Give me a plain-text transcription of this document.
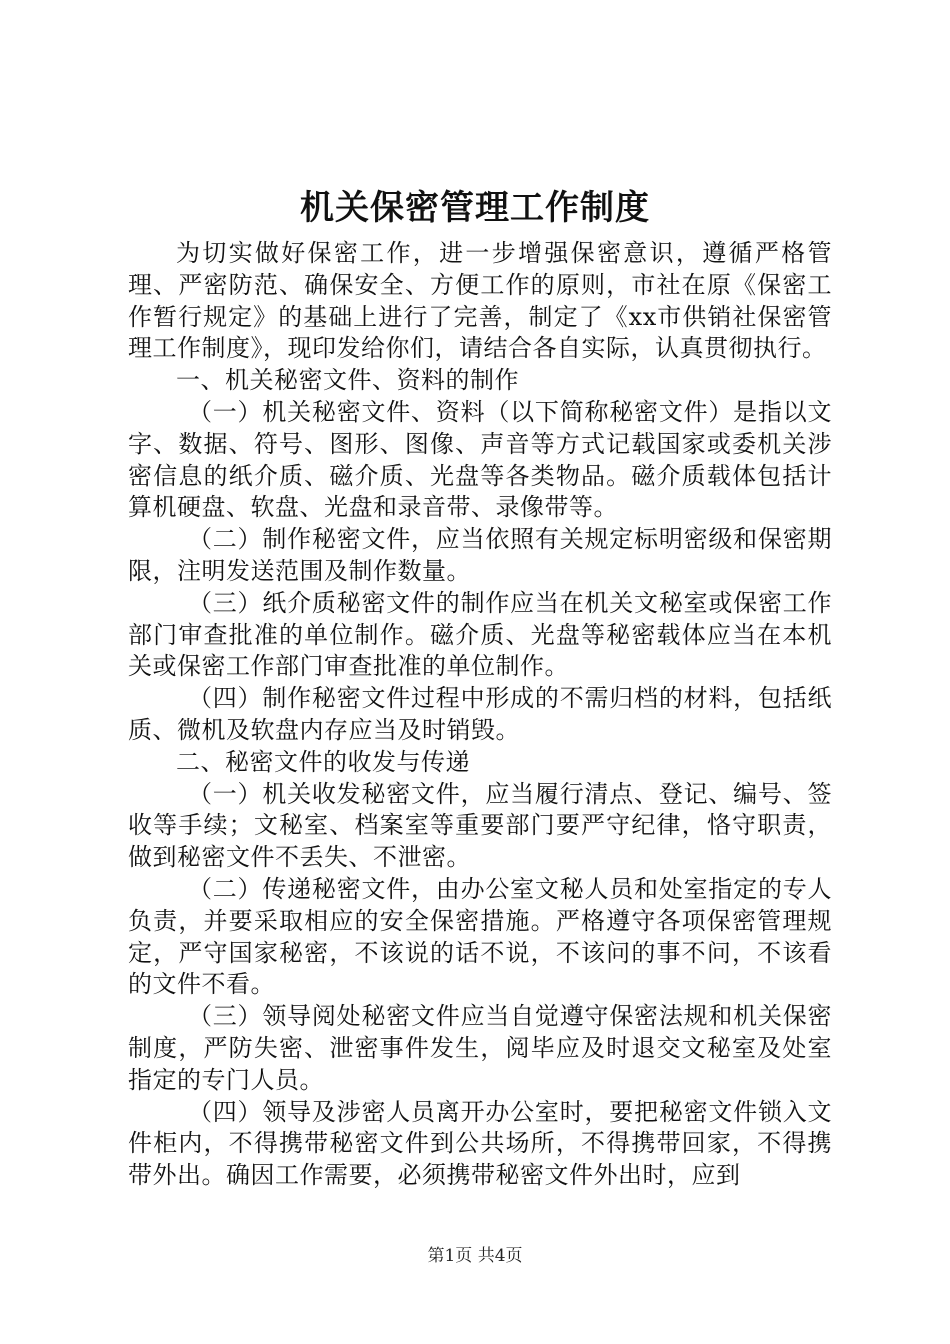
机关保密管理工作制度

为切实做好保密工作，进一步增强保密意识，遵循严格管理、严密防范、确保安全、方便工作的原则，市社在原《保密工作暂行规定》的基础上进行了完善，制定了《xx市供销社保密管理工作制度》，现印发给你们，请结合各自实际，认真贯彻执行。

一、机关秘密文件、资料的制作

（一）机关秘密文件、资料（以下简称秘密文件）是指以文字、数据、符号、图形、图像、声音等方式记载国家或委机关涉密信息的纸介质、磁介质、光盘等各类物品。磁介质载体包括计算机硬盘、软盘、光盘和录音带、录像带等。

（二）制作秘密文件，应当依照有关规定标明密级和保密期限，注明发送范围及制作数量。

（三）纸介质秘密文件的制作应当在机关文秘室或保密工作部门审查批准的单位制作。磁介质、光盘等秘密载体应当在本机关或保密工作部门审查批准的单位制作。

（四）制作秘密文件过程中形成的不需归档的材料，包括纸质、微机及软盘内存应当及时销毁。

二、秘密文件的收发与传递

（一）机关收发秘密文件，应当履行清点、登记、编号、签收等手续；文秘室、档案室等重要部门要严守纪律，恪守职责，做到秘密文件不丢失、不泄密。

（二）传递秘密文件，由办公室文秘人员和处室指定的专人负责，并要采取相应的安全保密措施。严格遵守各项保密管理规定，严守国家秘密，不该说的话不说，不该问的事不问，不该看的文件不看。

（三）领导阅处秘密文件应当自觉遵守保密法规和机关保密制度，严防失密、泄密事件发生，阅毕应及时退交文秘室及处室指定的专门人员。

（四）领导及涉密人员离开办公室时，要把秘密文件锁入文件柜内，不得携带秘密文件到公共场所，不得携带回家，不得携带外出。确因工作需要，必须携带秘密文件外出时，应到

第1页 共4页
